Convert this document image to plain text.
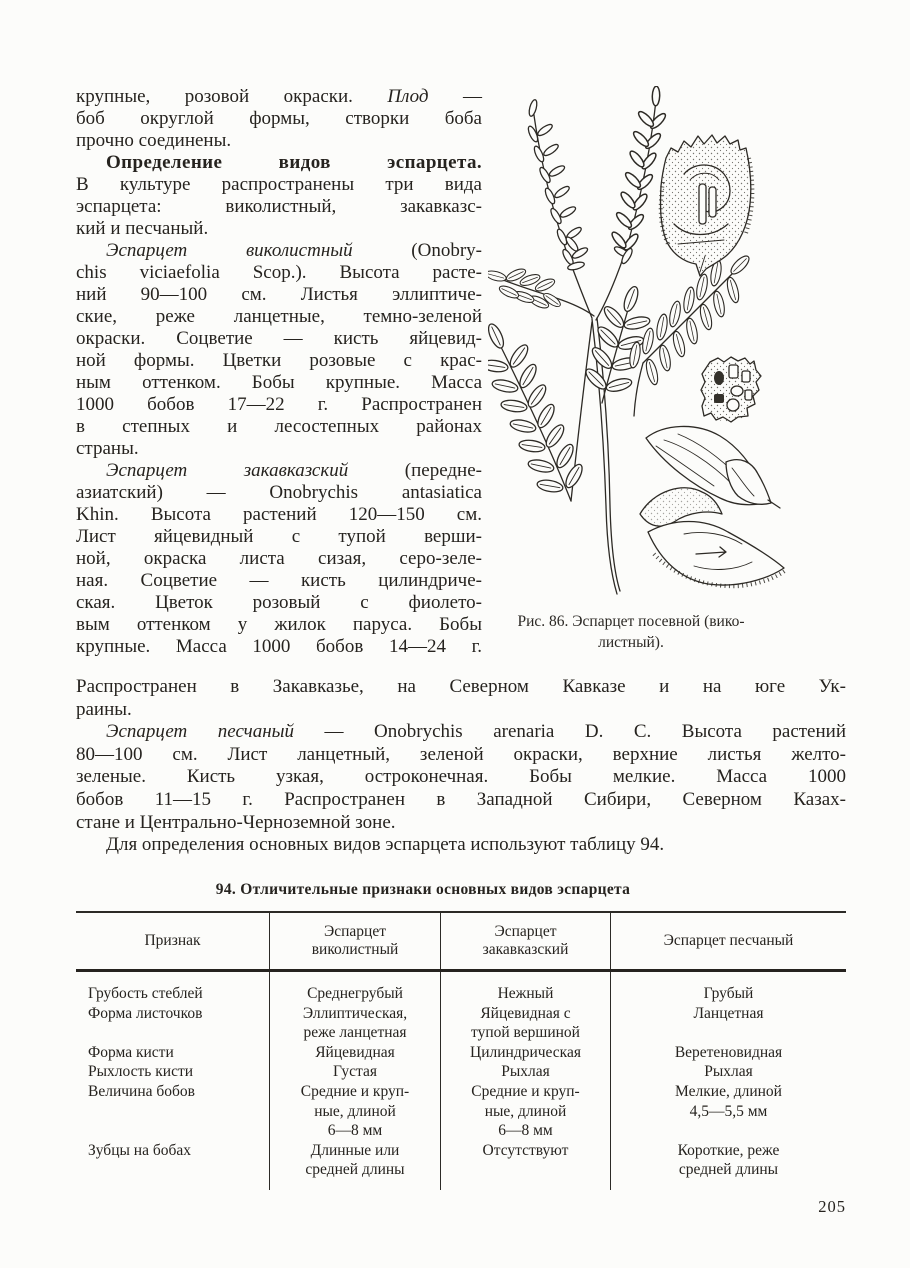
крупные, розовой окраски. Плод —
боб округлой формы, створки боба
прочно соединены.
Определение видов эспарцета.
В культуре распространены три вида
эспарцета: виколистный, закавказс-
кий и песчаный.
Эспарцет виколистный (Onobry-
chis viciaefolia Scop.). Высота расте-
ний 90—100 см. Листья эллиптиче-
ские, реже ланцетные, темно-зеленой
окраски. Соцветие — кисть яйцевид-
ной формы. Цветки розовые с крас-
ным оттенком. Бобы крупные. Масса
1000 бобов 17—22 г. Распространен
в степных и лесостепных районах
страны.
Эспарцет закавказский (передне-
азиатский) — Onobrychis antasiatica
Khin. Высота растений 120—150 см.
Лист яйцевидный с тупой верши-
ной, окраска листа сизая, серо-зеле-
ная. Соцветие — кисть цилиндриче-
ская. Цветок розовый с фиолето-
вым оттенком у жилок паруса. Бобы
крупные. Масса 1000 бобов 14—24 г.
Рис. 86. Эспарцет посевной (вико-
листный).
Распространен в Закавказье, на Северном Кавказе и на юге Ук-
раины.
Эспарцет песчаный — Onobrychis arenaria D. C. Высота растений
80—100 см. Лист ланцетный, зеленой окраски, верхние листья желто-
зеленые. Кисть узкая, остроконечная. Бобы мелкие. Масса 1000
бобов 11—15 г. Распространен в Западной Сибири, Северном Казах-
стане и Центрально-Черноземной зоне.
Для определения основных видов эспарцета используют таблицу 94.
94. Отличительные признаки основных видов эспарцета
Признак
Эспарцет
виколистный
Эспарцет
закавказский
Эспарцет песчаный
Грубость стеблей
Форма листочков

Форма кисти
Рыхлость кисти
Величина бобов

Зубцы на бобах

Среднегрубый
Эллиптическая,
реже ланцетная
Яйцевидная
Густая
Средние и круп-
ные, длиной
6—8 мм
Длинные или
средней длины
Нежный
Яйцевидная с
тупой вершиной
Цилиндрическая
Рыхлая
Средние и круп-
ные, длиной
6—8 мм
Отсутствуют

Грубый
Ланцетная

Веретеновидная
Рыхлая
Мелкие, длиной
4,5—5,5 мм

Короткие, реже
средней длины
205
